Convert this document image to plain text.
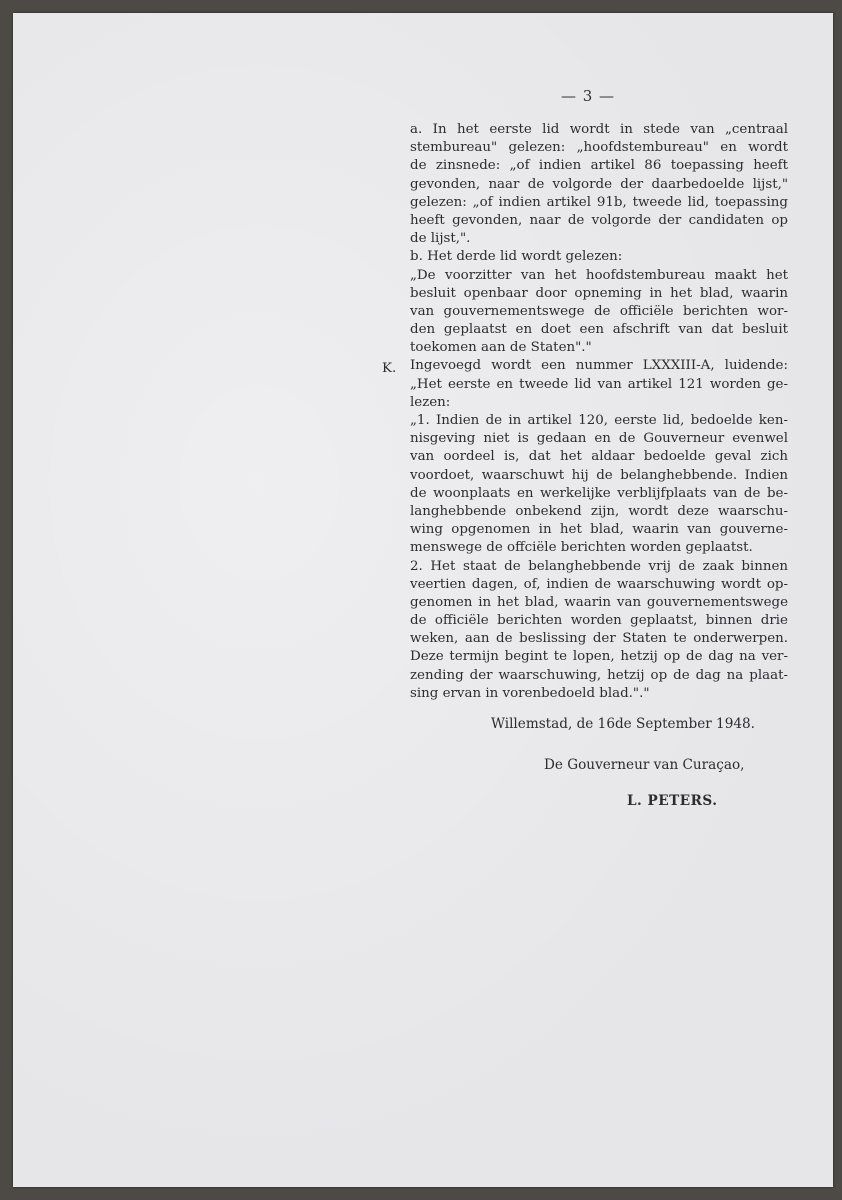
— 3 —
K.
a. In het eerste lid wordt in stede van „centraal
stembureau" gelezen: „hoofdstembureau" en wordt
de zinsnede: „of indien artikel 86 toepassing heeft
gevonden, naar de volgorde der daarbedoelde lijst,"
gelezen: „of indien artikel 91b, tweede lid, toepassing
heeft gevonden, naar de volgorde der candidaten op
de lijst,".
b. Het derde lid wordt gelezen:
„De voorzitter van het hoofdstembureau maakt het
besluit openbaar door opneming in het blad, waarin
van gouvernementswege de officiële berichten wor-
den geplaatst en doet een afschrift van dat besluit
toekomen aan de Staten"."
Ingevoegd wordt een nummer LXXXIII-A, luidende:
„Het eerste en tweede lid van artikel 121 worden ge-
lezen:
„1. Indien de in artikel 120, eerste lid, bedoelde ken-
nisgeving niet is gedaan en de Gouverneur evenwel
van oordeel is, dat het aldaar bedoelde geval zich
voordoet, waarschuwt hij de belanghebbende. Indien
de woonplaats en werkelijke verblijfplaats van de be-
langhebbende onbekend zijn, wordt deze waarschu-
wing opgenomen in het blad, waarin van gouverne-
menswege de offciële berichten worden geplaatst.
2. Het staat de belanghebbende vrij de zaak binnen
veertien dagen, of, indien de waarschuwing wordt op-
genomen in het blad, waarin van gouvernementswege
de officiële berichten worden geplaatst, binnen drie
weken, aan de beslissing der Staten te onderwerpen.
Deze termijn begint te lopen, hetzij op de dag na ver-
zending der waarschuwing, hetzij op de dag na plaat-
sing ervan in vorenbedoeld blad."."
Willemstad, de 16de September 1948.
De Gouverneur van Curaçao,
L. PETERS.
